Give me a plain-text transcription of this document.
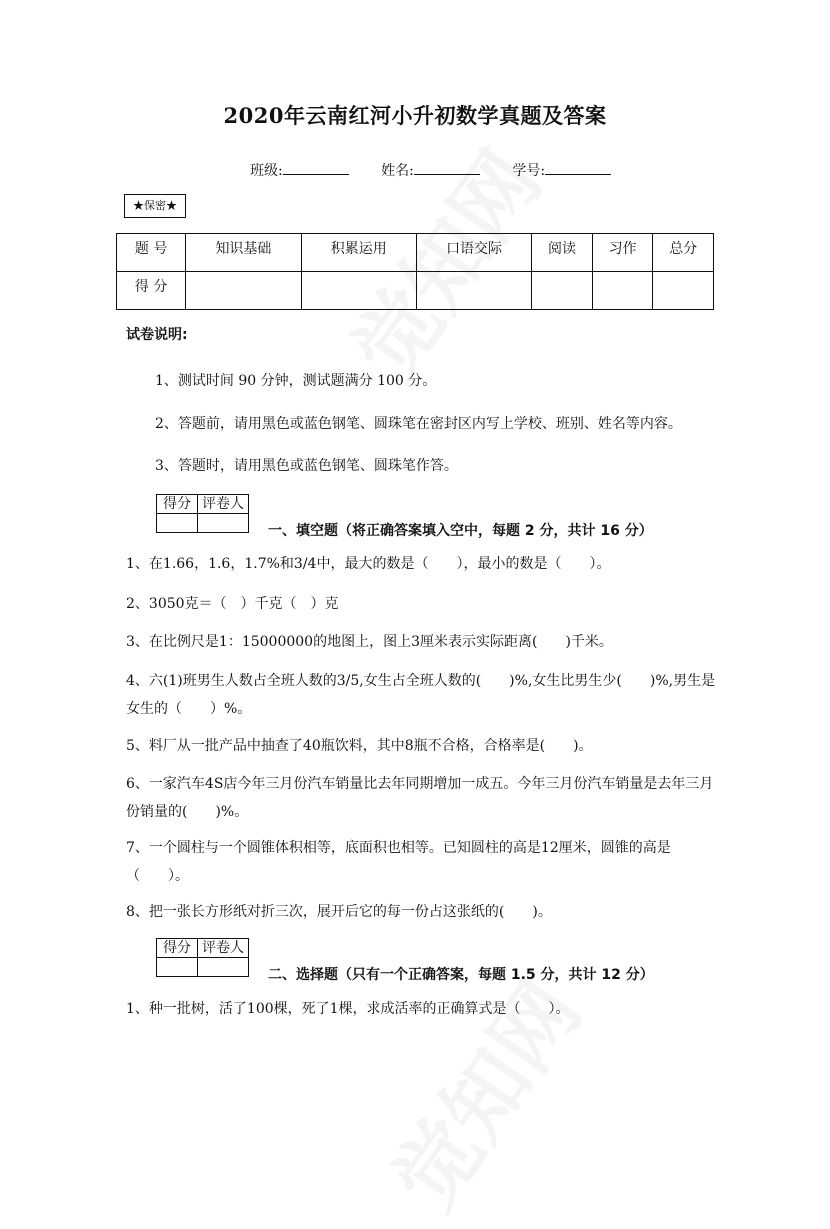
2020年云南红河小升初数学真题及答案
班级:	姓名:	学号:
★保密★
题 号	知识基础	积累运用	口语交际	阅读	习作	总分
得 分						
试卷说明:
1、测试时间 90 分钟，测试题满分 100 分。
2、答题前，请用黑色或蓝色钢笔、圆珠笔在密封区内写上学校、班别、姓名等内容。
3、答题时，请用黑色或蓝色钢笔、圆珠笔作答。
得分	评卷人

一、填空题（将正确答案填入空中，每题 2 分，共计 16 分）
1、在1.66，1.6，1.7%和3/4中，最大的数是（　　），最小的数是（　　）。
2、3050克＝（　）千克（　）克
3、在比例尺是1：15000000的地图上，图上3厘米表示实际距离(　　)千米。
4、六(1)班男生人数占全班人数的3/5,女生占全班人数的(　　)%,女生比男生少(　　)%,男生是女生的（　　）%。
5、料厂从一批产品中抽查了40瓶饮料，其中8瓶不合格，合格率是(　　)。
6、一家汽车4S店今年三月份汽车销量比去年同期增加一成五。今年三月份汽车销量是去年三月份销量的(　　)%。
7、一个圆柱与一个圆锥体积相等，底面积也相等。已知圆柱的高是12厘米，圆锥的高是（　　）。
8、把一张长方形纸对折三次，展开后它的每一份占这张纸的(　　)。
得分	评卷人

二、选择题（只有一个正确答案，每题 1.5 分，共计 12 分）
1、种一批树，活了100棵，死了1棵，求成活率的正确算式是（　　）。
